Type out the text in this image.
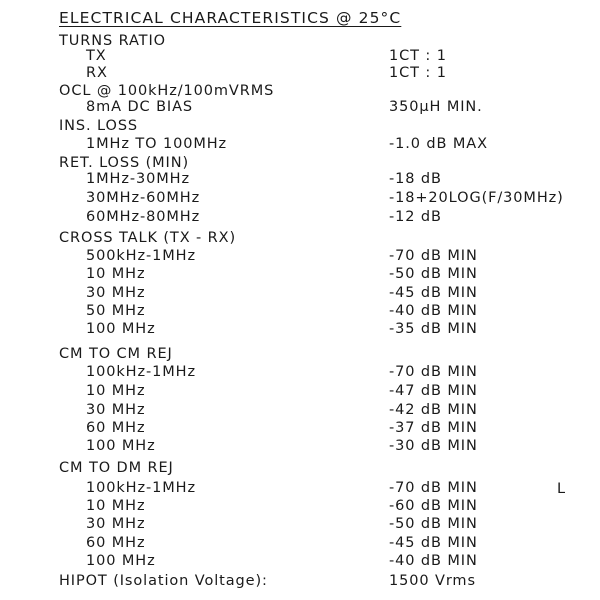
ELECTRICAL CHARACTERISTICS @ 25°C
TURNS RATIO
TX	1CT : 1
RX	1CT : 1
OCL @ 100kHz/100mVRMS
8mA DC BIAS	350µH MIN.
INS. LOSS
1MHz TO 100MHz	-1.0 dB MAX
RET. LOSS (MIN)
1MHz-30MHz	-18 dB
30MHz-60MHz	-18+20LOG(F/30MHz)
60MHz-80MHz	-12 dB
CROSS TALK (TX - RX)
500kHz-1MHz	-70 dB MIN
10 MHz	-50 dB MIN
30 MHz	-45 dB MIN
50 MHz	-40 dB MIN
100 MHz	-35 dB MIN
CM TO CM REJ
100kHz-1MHz	-70 dB MIN
10 MHz	-47 dB MIN
30 MHz	-42 dB MIN
60 MHz	-37 dB MIN
100 MHz	-30 dB MIN
CM TO DM REJ
100kHz-1MHz	-70 dB MIN
10 MHz	-60 dB MIN
30 MHz	-50 dB MIN
60 MHz	-45 dB MIN
100 MHz	-40 dB MIN
HIPOT (Isolation Voltage):	1500 Vrms
L
